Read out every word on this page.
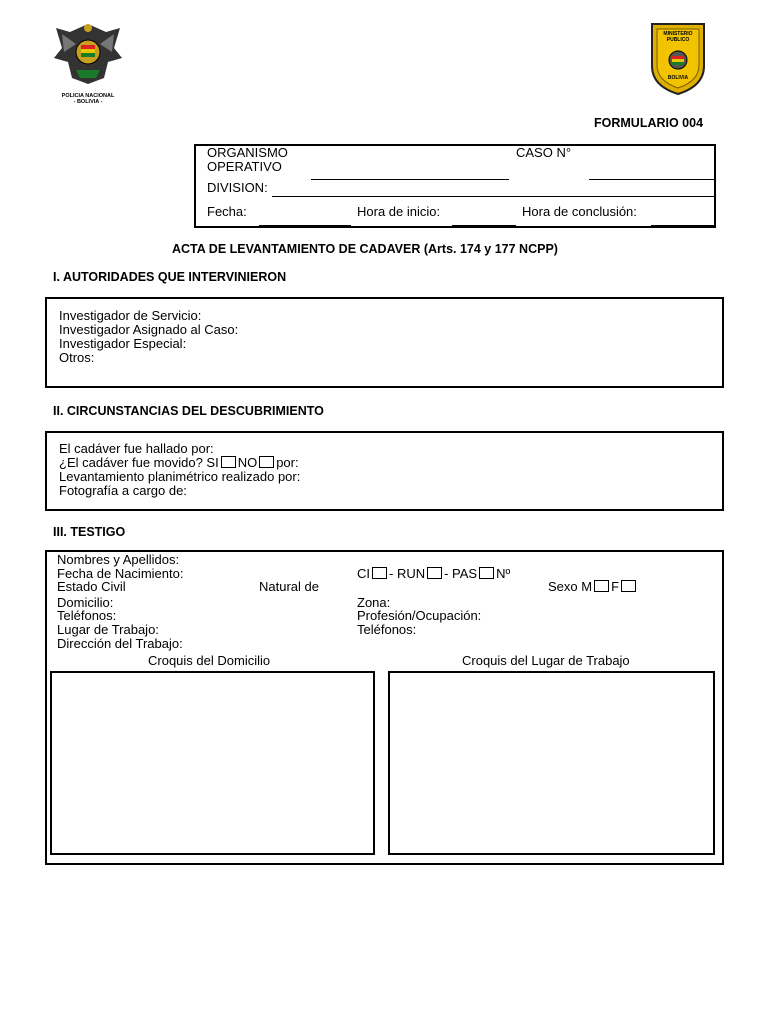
POLICIA NACIONAL
- BOLIVIA -
MINISTERIO
PUBLICO
BOLIVIA
FORMULARIO 004
ORGANISMO
OPERATIVO
CASO N°
DIVISION:
Fecha:	Hora de inicio:	Hora de conclusión:
ACTA DE LEVANTAMIENTO DE CADAVER (Arts. 174 y 177 NCPP)
I. AUTORIDADES QUE INTERVINIERON
Investigador de Servicio:
Investigador Asignado al Caso:
Investigador Especial:
Otros:
II. CIRCUNSTANCIAS DEL DESCUBRIMIENTO
El cadáver fue hallado por:
¿El cadáver fue movido? SI NO por:
Levantamiento planimétrico realizado por:
Fotografía a cargo de:
III. TESTIGO
Nombres y Apellidos:
Fecha de Nacimiento:	CI - RUN - PAS Nº
Estado Civil	Natural de	Sexo M F
Domicilio:	Zona:
Teléfonos:	Profesión/Ocupación:
Lugar de Trabajo:	Teléfonos:
Dirección del Trabajo:
Croquis del Domicilio	Croquis del Lugar de Trabajo
